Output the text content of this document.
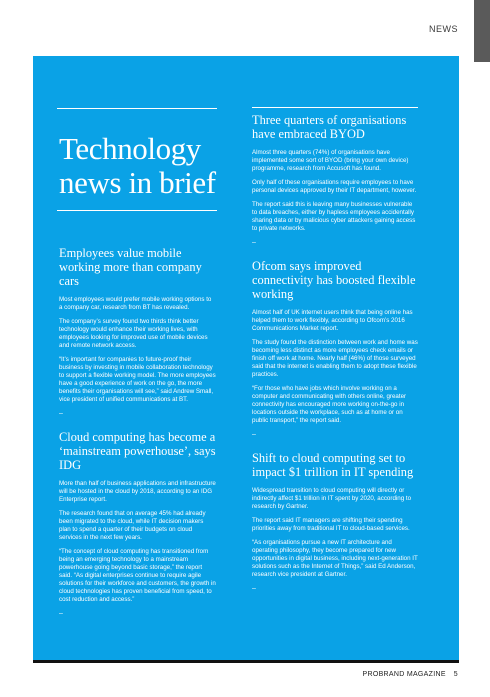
NEWS
Technology news in brief
Employees value mobile working more than company cars

Most employees would prefer mobile working options to a company car, research from BT has revealed.

The company’s survey found two thirds think better technology would enhance their working lives, with employees looking for improved use of mobile devices and remote network access.

“It’s important for companies to future-proof their business by investing in mobile collaboration technology to support a flexible working model. The more employees have a good experience of work on the go, the more benefits their organisations will see,” said Andrew Small, vice president of unified communications at BT.

–
Cloud computing has become a ‘mainstream powerhouse’, says IDG

More than half of business applications and infrastructure will be hosted in the cloud by 2018, according to an IDG Enterprise report.

The research found that on average 45% had already been migrated to the cloud, while IT decision makers plan to spend a quarter of their budgets on cloud services in the next few years.

“The concept of cloud computing has transitioned from being an emerging technology to a mainstream powerhouse going beyond basic storage,” the report said. “As digital enterprises continue to require agile solutions for their workforce and customers, the growth in cloud technologies has proven beneficial from speed, to cost reduction and access.”

–
Three quarters of organisations have embraced BYOD

Almost three quarters (74%) of organisations have implemented some sort of BYOD (bring your own device) programme, research from Accusoft has found.

Only half of these organisations require employees to have personal devices approved by their IT department, however.

The report said this is leaving many businesses vulnerable to data breaches, either by hapless employees accidentally sharing data or by malicious cyber attackers gaining access to private networks.

–
Ofcom says improved connectivity has boosted flexible working

Almost half of UK internet users think that being online has helped them to work flexibly, according to Ofcom’s 2016 Communications Market report.

The study found the distinction between work and home was becoming less distinct as more employees check emails or finish off work at home. Nearly half (46%) of those surveyed said that the internet is enabling them to adopt these flexible practices.

“For those who have jobs which involve working on a computer and communicating with others online, greater connectivity has encouraged more working on-the-go in locations outside the workplace, such as at home or on public transport,” the report said.

–
Shift to cloud computing set to impact $1 trillion in IT spending

Widespread transition to cloud computing will directly or indirectly affect $1 trillion in IT spent by 2020, according to research by Gartner.

The report said IT managers are shifting their spending priorities away from traditional IT to cloud-based services.

“As organisations pursue a new IT architecture and operating philosophy, they become prepared for new opportunities in digital business, including next-generation IT solutions such as the Internet of Things,” said Ed Anderson, research vice president at Gartner.

–
PROBRAND MAGAZINE 5
